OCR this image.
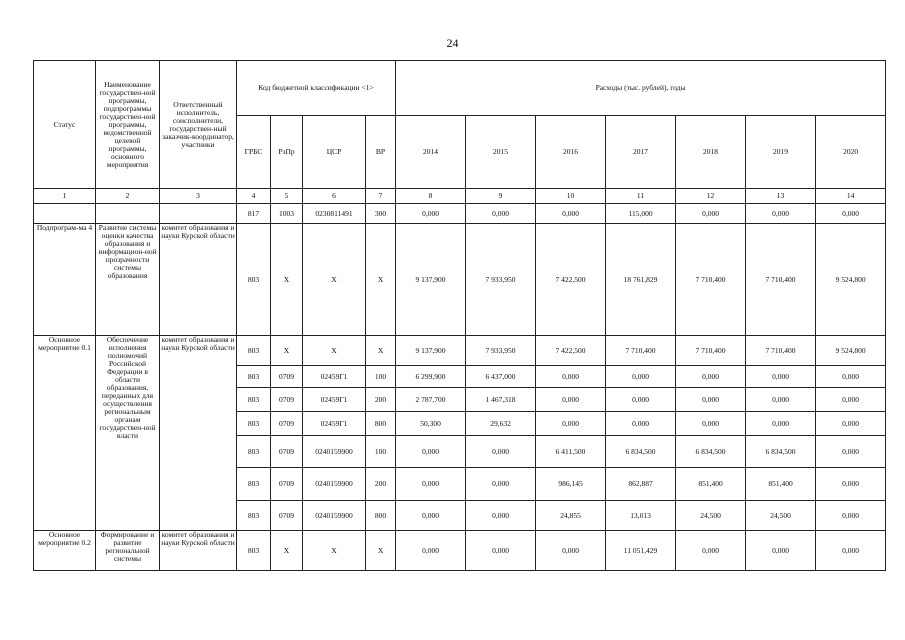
24
Статус	Наименование государствен-ной программы, подпрограммы государствен-ной программы, ведомственной целевой программы, основного мероприятия	Ответственный исполнитель, соисполнители, государствен-ный заказчик-координатор, участники	Код бюджетной классификации <1>				Расходы (тыс. рублей), годы						
			ГРБС	РзПр	ЦСР	ВР	2014	2015	2016	2017	2018	2019	2020
1	2	3	4	5	6	7	8	9	10	11	12	13	14
			817	1003	0230811491	300	0,000	0,000	0,000	115,000	0,000	0,000	0,000
Подпрограм-ма 4	Развитие системы оценки качества образования и информацион-ной прозрачности системы образования	комитет образования и науки Курской области	803	Х	Х	Х	9 137,900	7 933,950	7 422,500	18 761,829	7 710,400	7 710,400	9 524,800
Основное мероприятие 0.1	Обеспечение исполнения полномочий Российской Федерации в области образования, переданных для осуществления региональным органам государствен-ной власти	комитет образования и науки Курской области	803	Х	Х	Х	9 137,900	7 933,950	7 422,500	7 710,400	7 710,400	7 710,400	9 524,800
			803	0709	02459Г1	100	6 299,900	6 437,000	0,000	0,000	0,000	0,000	0,000
			803	0709	02459Г1	200	2 787,700	1 467,318	0,000	0,000	0,000	0,000	0,000
			803	0709	02459Г1	800	50,300	29,632	0,000	0,000	0,000	0,000	0,000
			803	0709	0240159900	100	0,000	0,000	6 411,500	6 834,500	6 834,500	6 834,500	0,000
			803	0709	0240159900	200	0,000	0,000	986,145	862,887	851,400	851,400	0,000
			803	0709	0240159900	800	0,000	0,000	24,855	13,013	24,500	24,500	0,000
Основное мероприятие 0.2	Формирование и развитие региональной системы	комитет образования и науки Курской области	803	Х	Х	Х	0,000	0,000	0,000	11 051,429	0,000	0,000	0,000
